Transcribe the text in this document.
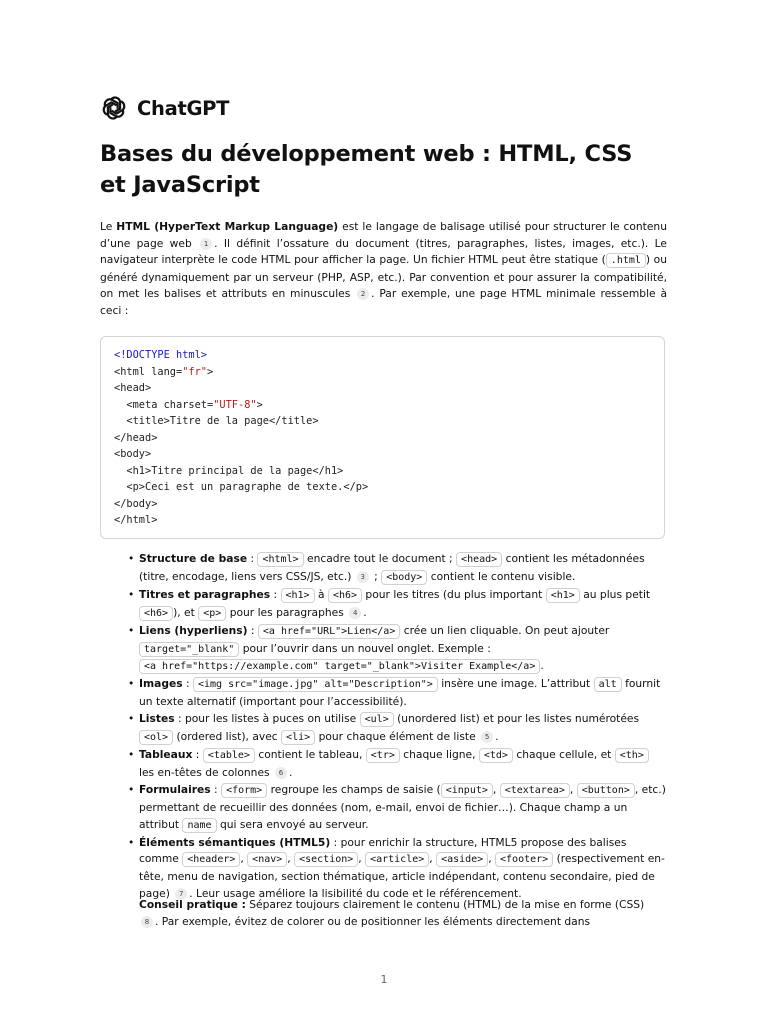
ChatGPT
Bases du développement web : HTML, CSS et JavaScript

Le HTML (HyperText Markup Language) est le langage de balisage utilisé pour structurer le contenu d’une page web 1 . Il définit l’ossature du document (titres, paragraphes, listes, images, etc.). Le navigateur interprète le code HTML pour afficher la page. Un fichier HTML peut être statique ( .html ) ou généré dynamiquement par un serveur (PHP, ASP, etc.). Par convention et pour assurer la compatibilité, on met les balises et attributs en minuscules 2 . Par exemple, une page HTML minimale ressemble à ceci :

<!DOCTYPE html>
<html lang="fr">
<head>
<meta charset="UTF-8">
<title>Titre de la page</title>
</head>
<body>
<h1>Titre principal de la page</h1>
<p>Ceci est un paragraphe de texte.</p>
</body>
</html>
• Structure de base : <html> encadre tout le document ; <head> contient les métadonnées (titre, encodage, liens vers CSS/JS, etc.) 3 ; <body> contient le contenu visible.
• Titres et paragraphes : <h1> à <h6> pour les titres (du plus important <h1> au plus petit <h6> ), et <p> pour les paragraphes 4 .
• Liens (hyperliens) : <a href="URL">Lien</a> crée un lien cliquable. On peut ajouter target="_blank" pour l’ouvrir dans un nouvel onglet. Exemple : <a href="https://example.com" target="_blank">Visiter Example</a> .
• Images : <img src="image.jpg" alt="Description"> insère une image. L’attribut alt fournit un texte alternatif (important pour l’accessibilité).
• Listes : pour les listes à puces on utilise <ul> (unordered list) et pour les listes numérotées <ol> (ordered list), avec <li> pour chaque élément de liste 5 .
• Tableaux : <table> contient le tableau, <tr> chaque ligne, <td> chaque cellule, et <th> les en-têtes de colonnes 6 .
• Formulaires : <form> regroupe les champs de saisie ( <input> , <textarea> , <button> , etc.) permettant de recueillir des données (nom, e-mail, envoi de fichier…). Chaque champ a un attribut name qui sera envoyé au serveur.
• Éléments sémantiques (HTML5) : pour enrichir la structure, HTML5 propose des balises comme <header> , <nav> , <section> , <article> , <aside> , <footer> (respectivement en-tête, menu de navigation, section thématique, article indépendant, contenu secondaire, pied de page) 7 . Leur usage améliore la lisibilité du code et le référencement.

Conseil pratique : Séparez toujours clairement le contenu (HTML) de la mise en forme (CSS) 8 . Par exemple, évitez de colorer ou de positionner les éléments directement dans

1
